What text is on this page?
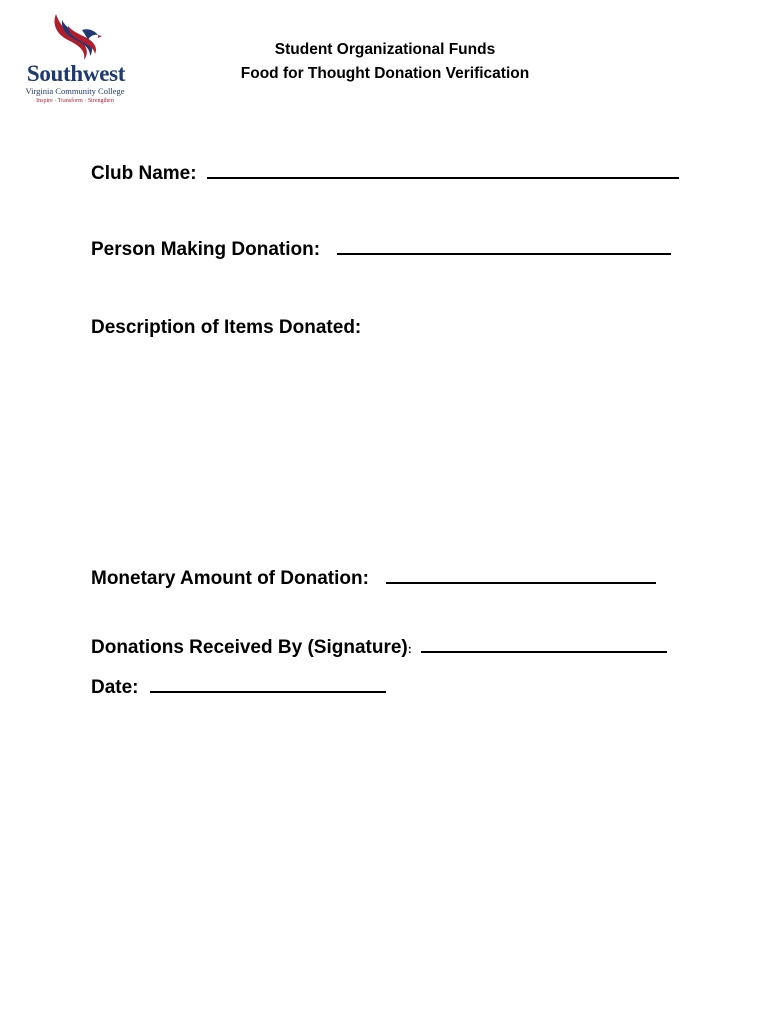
Southwest
Virginia Community College
Inspire · Transform · Strengthen
Student Organizational Funds
Food for Thought Donation Verification
Club Name:
Person Making Donation:
Description of Items Donated:
Monetary Amount of Donation:
Donations Received By (Signature):
Date:
